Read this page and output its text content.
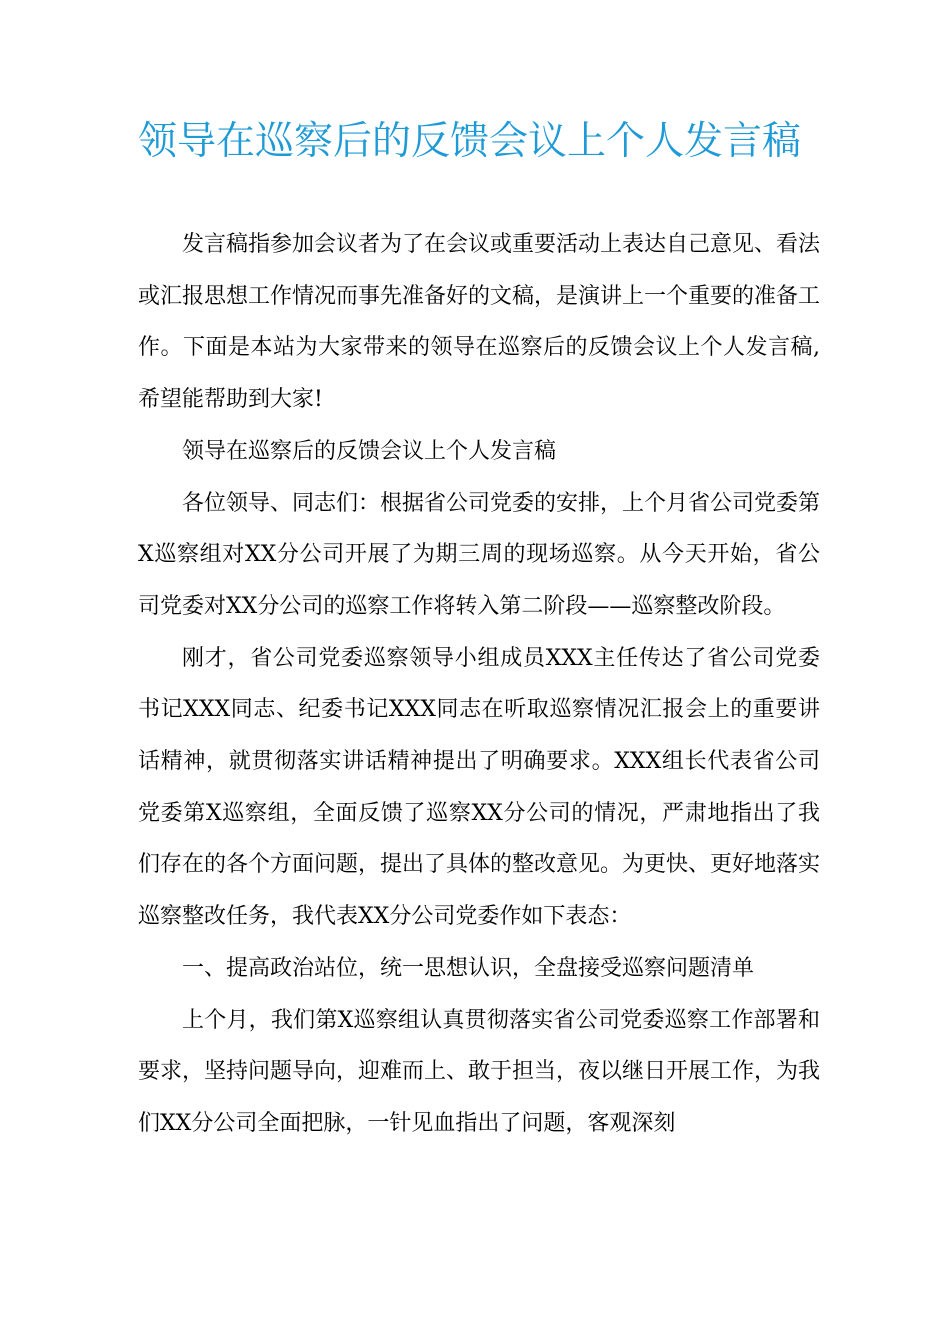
领导在巡察后的反馈会议上个人发言稿

发言稿指参加会议者为了在会议或重要活动上表达自己意见、看法或汇报思想工作情况而事先准备好的文稿，是演讲上一个重要的准备工作。下面是本站为大家带来的领导在巡察后的反馈会议上个人发言稿,希望能帮助到大家!

领导在巡察后的反馈会议上个人发言稿

各位领导、同志们：根据省公司党委的安排，上个月省公司党委第X巡察组对XX分公司开展了为期三周的现场巡察。从今天开始，省公司党委对XX分公司的巡察工作将转入第二阶段——巡察整改阶段。

刚才，省公司党委巡察领导小组成员XXX主任传达了省公司党委书记XXX同志、纪委书记XXX同志在听取巡察情况汇报会上的重要讲话精神，就贯彻落实讲话精神提出了明确要求。XXX组长代表省公司党委第X巡察组，全面反馈了巡察XX分公司的情况，严肃地指出了我们存在的各个方面问题，提出了具体的整改意见。为更快、更好地落实巡察整改任务，我代表XX分公司党委作如下表态：

一、提高政治站位，统一思想认识，全盘接受巡察问题清单

上个月，我们第X巡察组认真贯彻落实省公司党委巡察工作部署和要求，坚持问题导向，迎难而上、敢于担当，夜以继日开展工作，为我们XX分公司全面把脉，一针见血指出了问题，客观深刻
